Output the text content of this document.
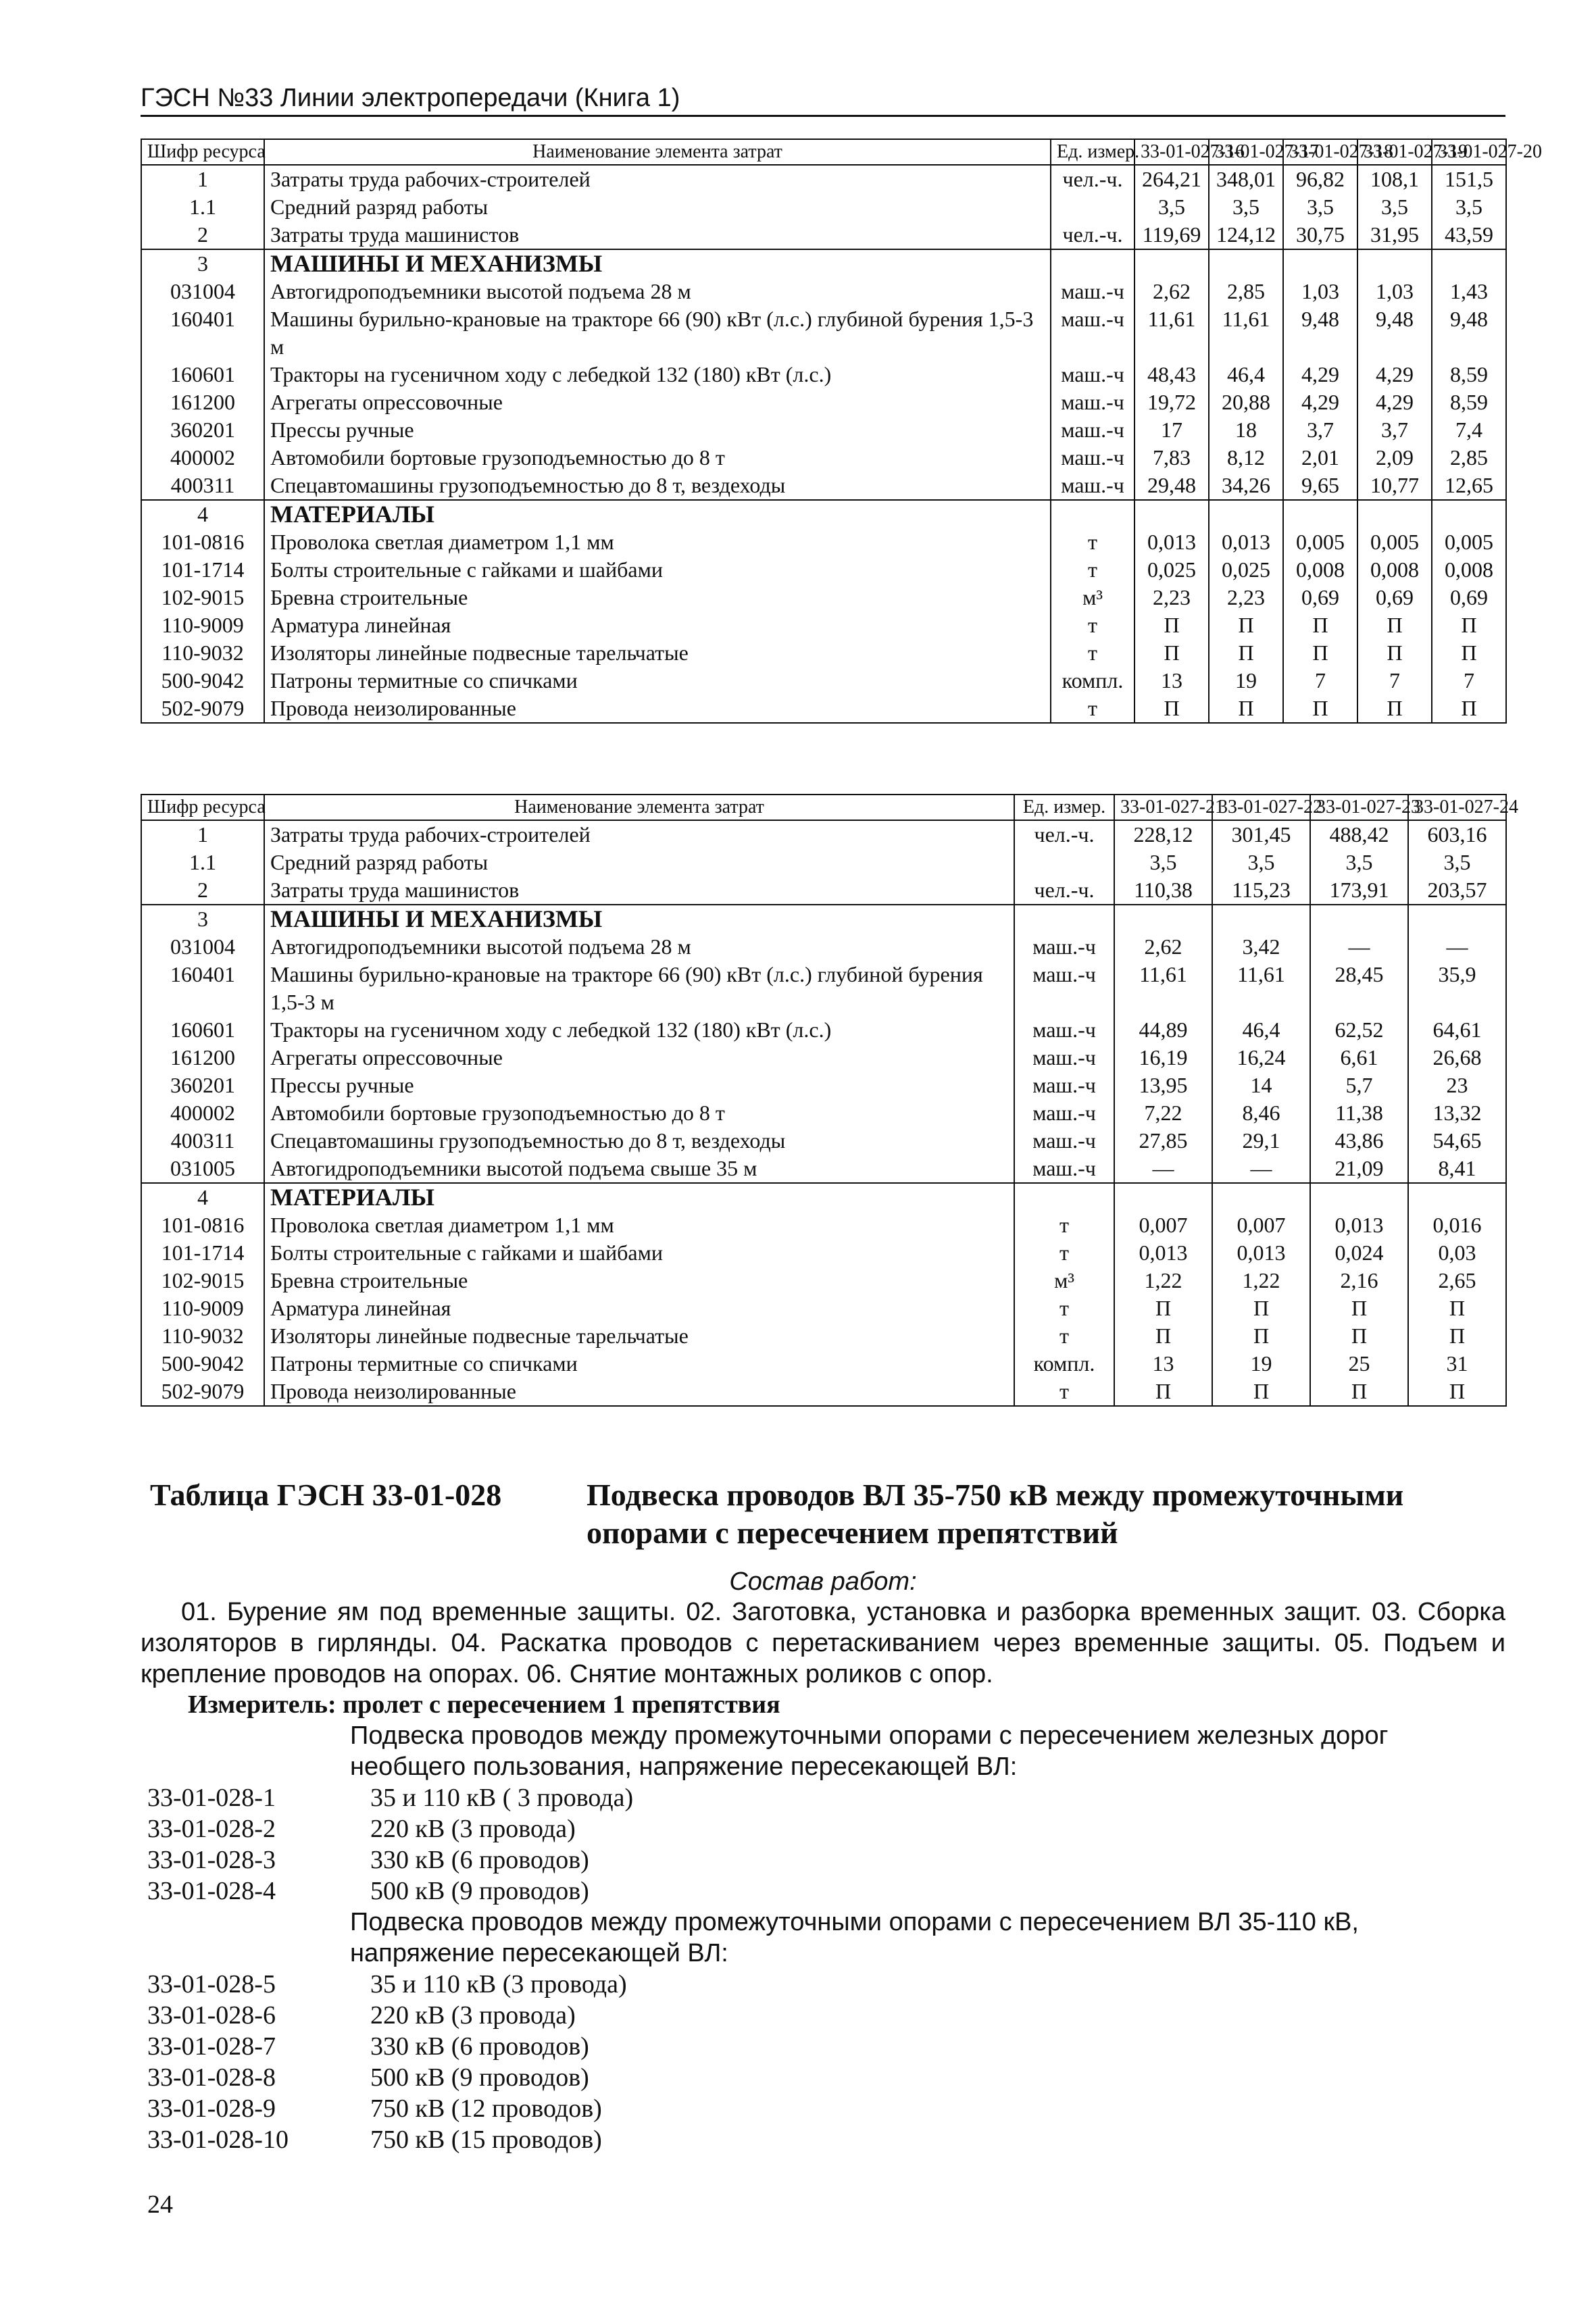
ГЭСН №33 Линии электропередачи (Книга 1)
Шифр ресурса	Наименование элемента затрат	Ед. измер.	33-01-027-16	33-01-027-17	33-01-027-18	33-01-027-19	33-01-027-20
1	Затраты труда рабочих-строителей	чел.-ч.	264,21	348,01	96,82	108,1	151,5
1.1	Средний разряд работы		3,5	3,5	3,5	3,5	3,5
2	Затраты труда машинистов	чел.-ч.	119,69	124,12	30,75	31,95	43,59
3	МАШИНЫ И МЕХАНИЗМЫ						
031004	Автогидроподъемники высотой подъема 28 м	маш.-ч	2,62	2,85	1,03	1,03	1,43
160401	Машины бурильно-крановые на тракторе 66 (90) кВт (л.с.) глубиной бурения 1,5-3 м	маш.-ч	11,61	11,61	9,48	9,48	9,48
160601	Тракторы на гусеничном ходу с лебедкой 132 (180) кВт (л.с.)	маш.-ч	48,43	46,4	4,29	4,29	8,59
161200	Агрегаты опрессовочные	маш.-ч	19,72	20,88	4,29	4,29	8,59
360201	Прессы ручные	маш.-ч	17	18	3,7	3,7	7,4
400002	Автомобили бортовые грузоподъемностью до 8 т	маш.-ч	7,83	8,12	2,01	2,09	2,85
400311	Спецавтомашины грузоподъемностью до 8 т, вездеходы	маш.-ч	29,48	34,26	9,65	10,77	12,65
4	МАТЕРИАЛЫ						
101-0816	Проволока светлая диаметром 1,1 мм	т	0,013	0,013	0,005	0,005	0,005
101-1714	Болты строительные с гайками и шайбами	т	0,025	0,025	0,008	0,008	0,008
102-9015	Бревна строительные	м³	2,23	2,23	0,69	0,69	0,69
110-9009	Арматура линейная	т	П	П	П	П	П
110-9032	Изоляторы линейные подвесные тарельчатые	т	П	П	П	П	П
500-9042	Патроны термитные со спичками	компл.	13	19	7	7	7
502-9079	Провода неизолированные	т	П	П	П	П	П
Шифр ресурса	Наименование элемента затрат	Ед. измер.	33-01-027-21	33-01-027-22	33-01-027-23	33-01-027-24
1	Затраты труда рабочих-строителей	чел.-ч.	228,12	301,45	488,42	603,16
1.1	Средний разряд работы		3,5	3,5	3,5	3,5
2	Затраты труда машинистов	чел.-ч.	110,38	115,23	173,91	203,57
3	МАШИНЫ И МЕХАНИЗМЫ					
031004	Автогидроподъемники высотой подъема 28 м	маш.-ч	2,62	3,42	—	—
160401	Машины бурильно-крановые на тракторе 66 (90) кВт (л.с.) глубиной бурения 1,5-3 м	маш.-ч	11,61	11,61	28,45	35,9
160601	Тракторы на гусеничном ходу с лебедкой 132 (180) кВт (л.с.)	маш.-ч	44,89	46,4	62,52	64,61
161200	Агрегаты опрессовочные	маш.-ч	16,19	16,24	6,61	26,68
360201	Прессы ручные	маш.-ч	13,95	14	5,7	23
400002	Автомобили бортовые грузоподъемностью до 8 т	маш.-ч	7,22	8,46	11,38	13,32
400311	Спецавтомашины грузоподъемностью до 8 т, вездеходы	маш.-ч	27,85	29,1	43,86	54,65
031005	Автогидроподъемники высотой подъема свыше 35 м	маш.-ч	—	—	21,09	8,41
4	МАТЕРИАЛЫ					
101-0816	Проволока светлая диаметром 1,1 мм	т	0,007	0,007	0,013	0,016
101-1714	Болты строительные с гайками и шайбами	т	0,013	0,013	0,024	0,03
102-9015	Бревна строительные	м³	1,22	1,22	2,16	2,65
110-9009	Арматура линейная	т	П	П	П	П
110-9032	Изоляторы линейные подвесные тарельчатые	т	П	П	П	П
500-9042	Патроны термитные со спичками	компл.	13	19	25	31
502-9079	Провода неизолированные	т	П	П	П	П
Таблица ГЭСН 33-01-028	Подвеска проводов ВЛ 35-750 кВ между промежуточными опорами с пересечением препятствий
Состав работ:
01. Бурение ям под временные защиты. 02. Заготовка, установка и разборка временных защит. 03. Сборка изоляторов в гирлянды. 04. Раскатка проводов с перетаскиванием через временные защиты. 05. Подъем и крепление проводов на опорах. 06. Снятие монтажных роликов с опор.
Измеритель: пролет с пересечением 1 препятствия
Подвеска проводов между промежуточными опорами с пересечением железных дорог необщего пользования, напряжение пересекающей ВЛ:
33-01-028-1	35 и 110 кВ ( 3 провода)
33-01-028-2	220 кВ (3 провода)
33-01-028-3	330 кВ (6 проводов)
33-01-028-4	500 кВ (9 проводов)
Подвеска проводов между промежуточными опорами с пересечением ВЛ 35-110 кВ, напряжение пересекающей ВЛ:
33-01-028-5	35 и 110 кВ (3 провода)
33-01-028-6	220 кВ (3 провода)
33-01-028-7	330 кВ (6 проводов)
33-01-028-8	500 кВ (9 проводов)
33-01-028-9	750 кВ (12 проводов)
33-01-028-10	750 кВ (15 проводов)
24
